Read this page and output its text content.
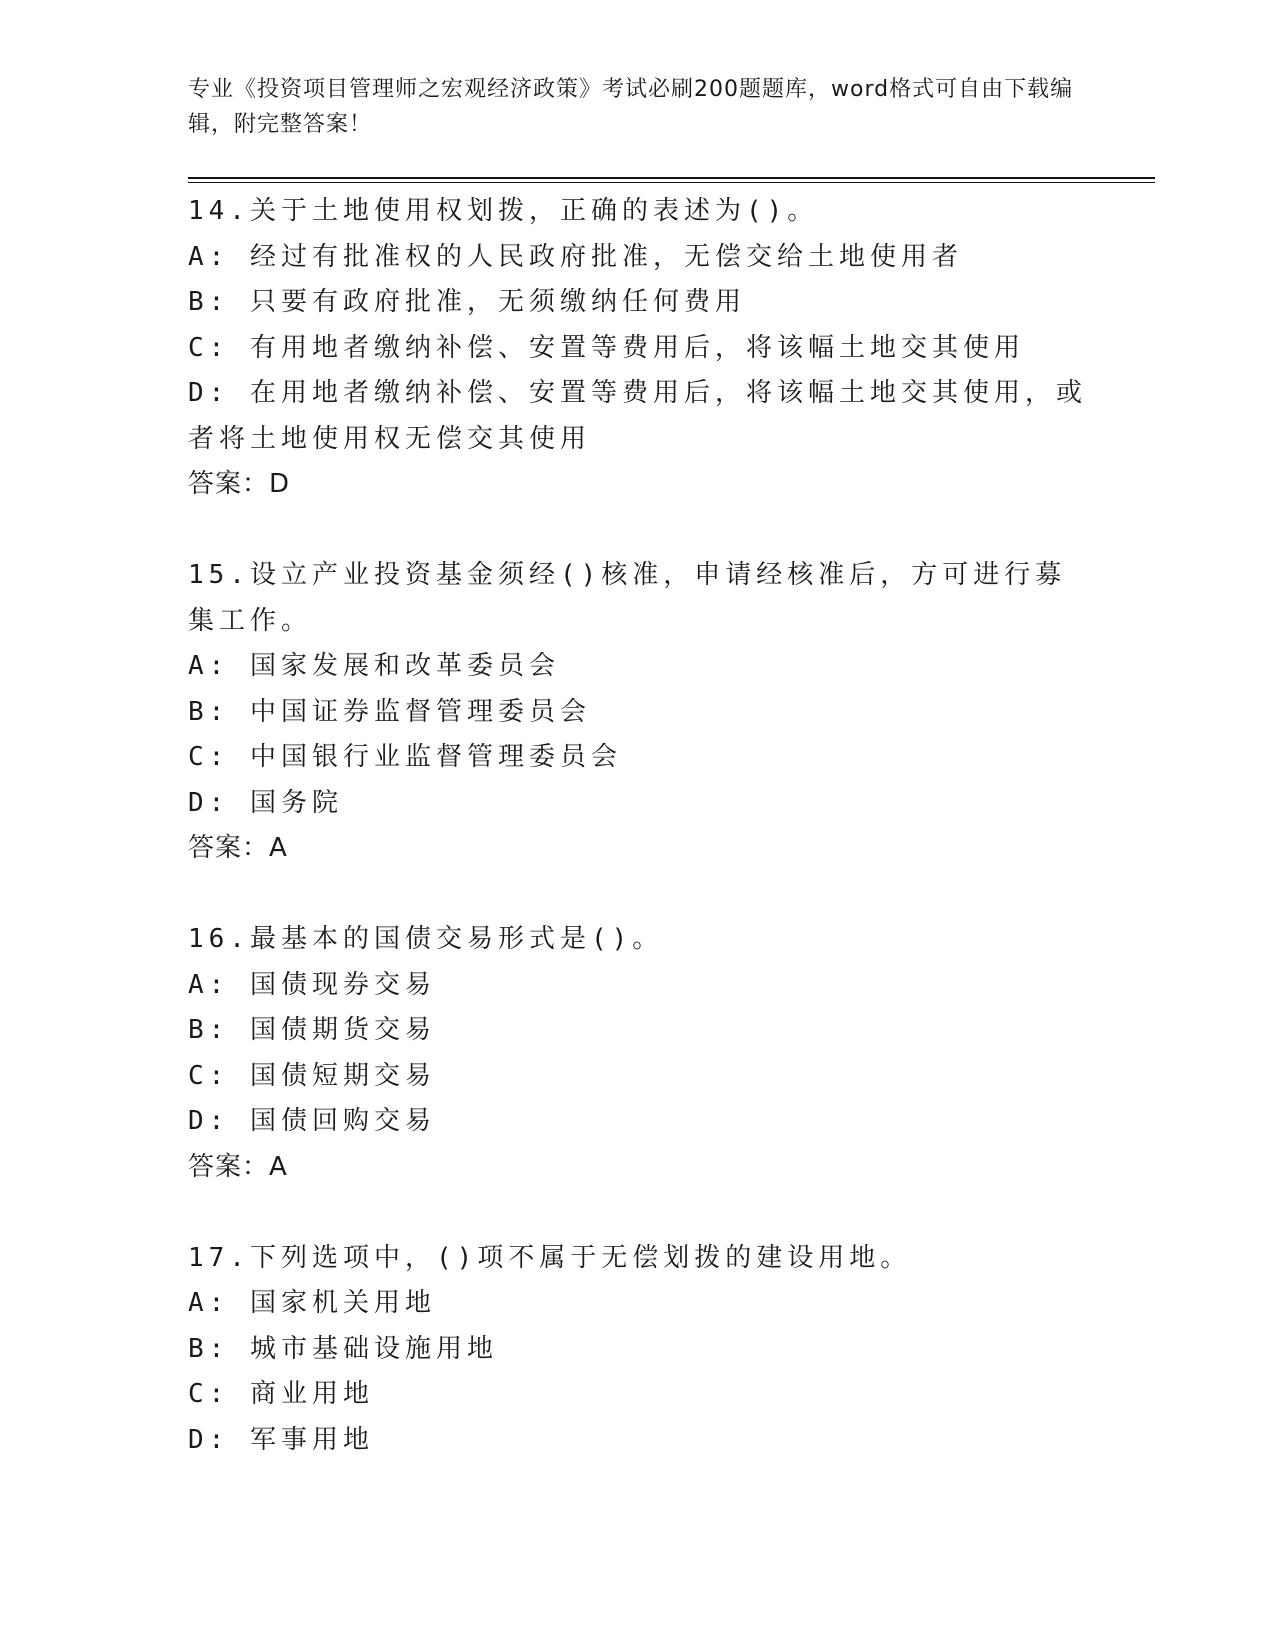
专业《投资项目管理师之宏观经济政策》考试必刷200题题库，word格式可自由下载编辑，附完整答案！
14.关于土地使用权划拨，正确的表述为()。
A: 经过有批准权的人民政府批准，无偿交给土地使用者
B: 只要有政府批准，无须缴纳任何费用
C: 有用地者缴纳补偿、安置等费用后，将该幅土地交其使用
D: 在用地者缴纳补偿、安置等费用后，将该幅土地交其使用，或者将土地使用权无偿交其使用
答案：D
15.设立产业投资基金须经()核准，申请经核准后，方可进行募集工作。
A: 国家发展和改革委员会
B: 中国证券监督管理委员会
C: 中国银行业监督管理委员会
D: 国务院
答案：A
16.最基本的国债交易形式是()。
A: 国债现券交易
B: 国债期货交易
C: 国债短期交易
D: 国债回购交易
答案：A
17.下列选项中，()项不属于无偿划拨的建设用地。
A: 国家机关用地
B: 城市基础设施用地
C: 商业用地
D: 军事用地
